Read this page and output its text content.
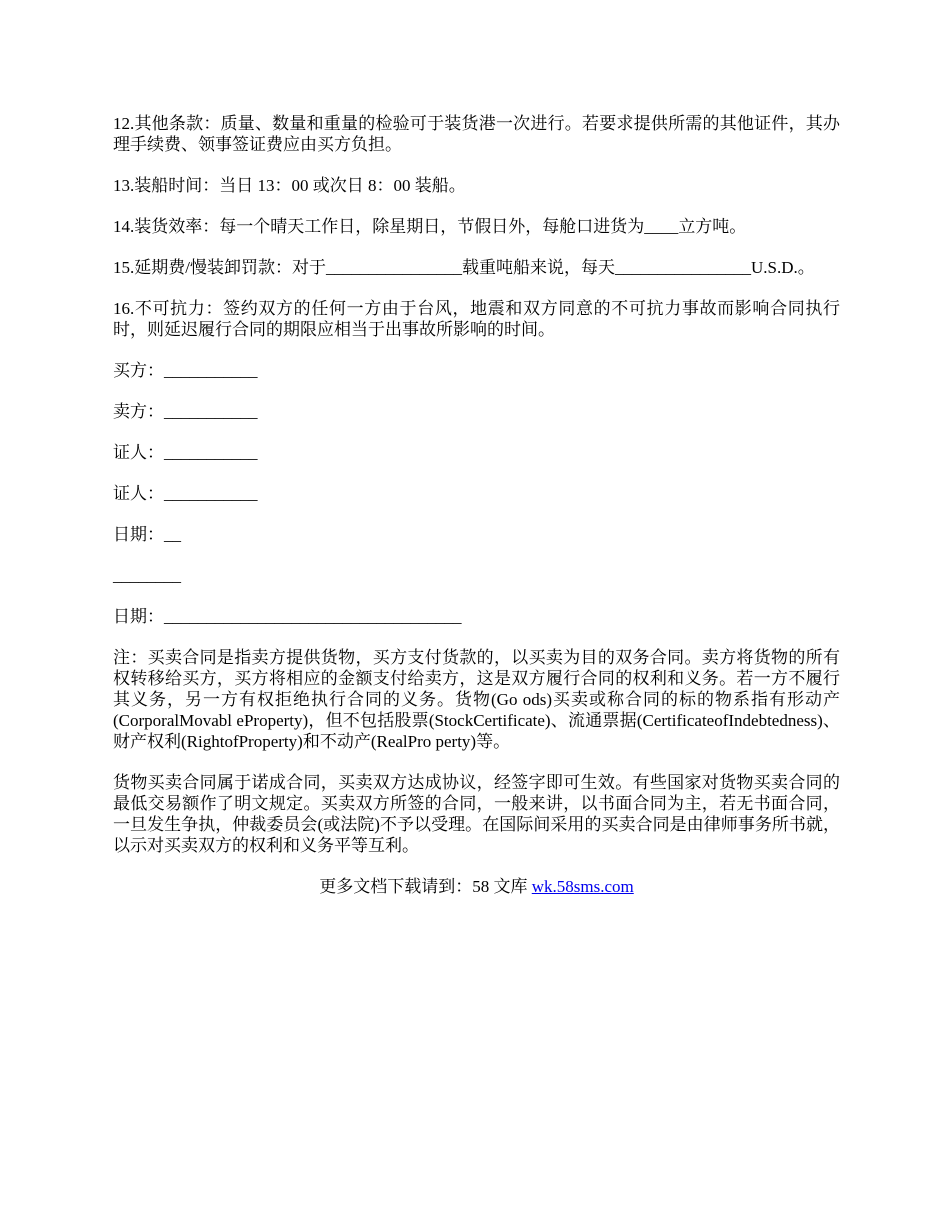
12.其他条款：质量、数量和重量的检验可于装货港一次进行。若要求提供所需的其他证件，其办理手续费、领事签证费应由买方负担。

13.装船时间：当日 13：00 或次日 8：00 装船。

14.装货效率：每一个晴天工作日，除星期日，节假日外，每舱口进货为____立方吨。

15.延期费/慢装卸罚款：对于________________载重吨船来说，每天________________U.S.D.。

16.不可抗力：签约双方的任何一方由于台风，地震和双方同意的不可抗力事故而影响合同执行时，则延迟履行合同的期限应相当于出事故所影响的时间。

买方：___________

卖方：___________

证人：___________

证人：___________

日期：__

________

日期：___________________________________

注：买卖合同是指卖方提供货物，买方支付货款的，以买卖为目的双务合同。卖方将货物的所有权转移给买方，买方将相应的金额支付给卖方，这是双方履行合同的权利和义务。若一方不履行其义务，另一方有权拒绝执行合同的义务。货物(Go ods)买卖或称合同的标的物系指有形动产(CorporalMovabl eProperty)，但不包括股票(StockCertificate)、流通票据(CertificateofIndebtedness)、财产权利(RightofProperty)和不动产(RealPro perty)等。

货物买卖合同属于诺成合同，买卖双方达成协议，经签字即可生效。有些国家对货物买卖合同的最低交易额作了明文规定。买卖双方所签的合同，一般来讲，以书面合同为主，若无书面合同，一旦发生争执，仲裁委员会(或法院)不予以受理。在国际间采用的买卖合同是由律师事务所书就，以示对买卖双方的权利和义务平等互利。

更多文档下载请到：58 文库 wk.58sms.com
